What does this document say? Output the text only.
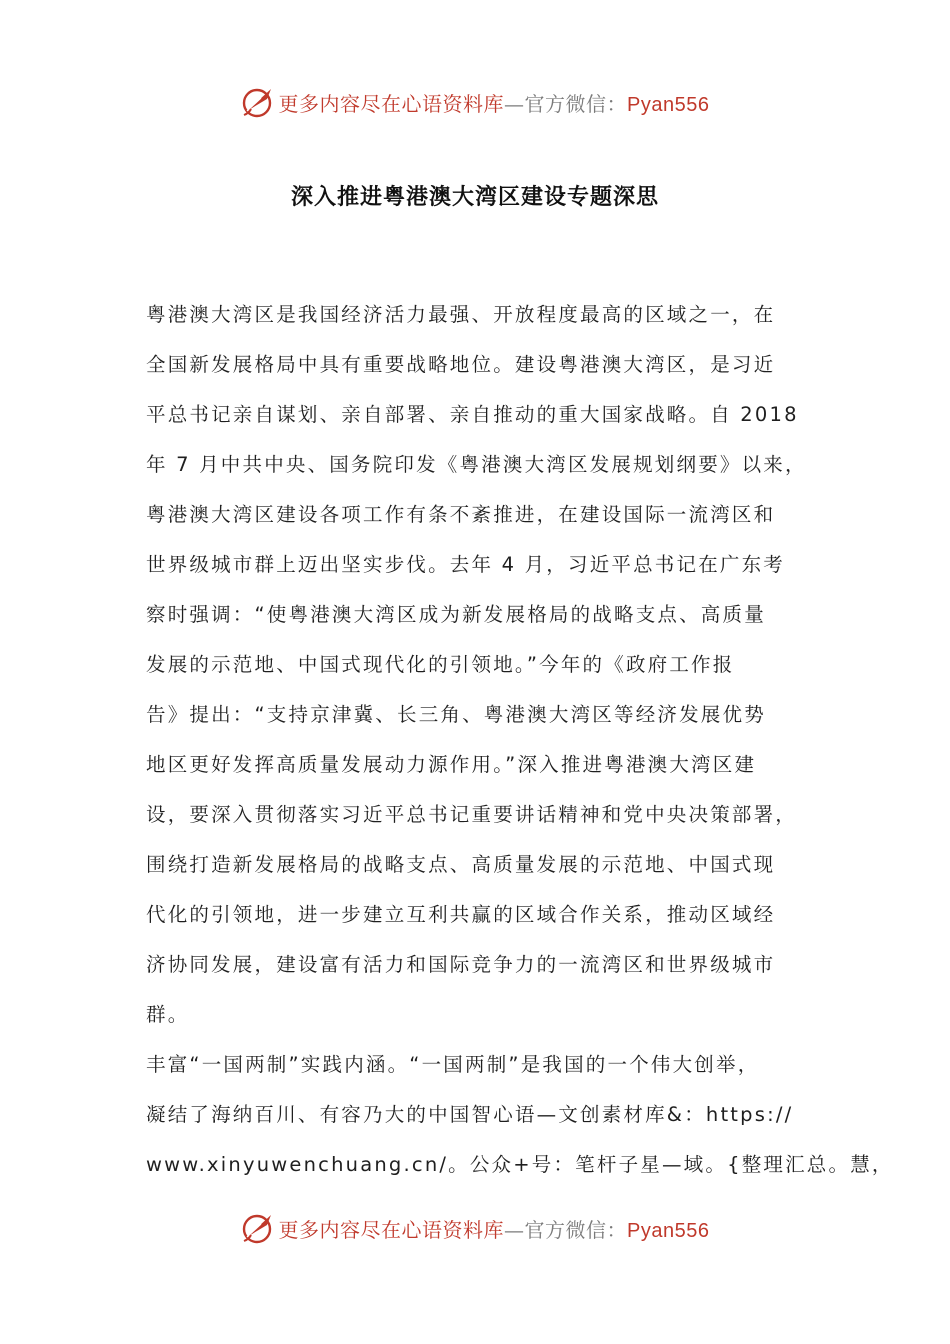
更多内容尽在心语资料库—官方微信：Pyan556
深入推进粤港澳大湾区建设专题深思
粤港澳大湾区是我国经济活力最强、开放程度最高的区域之一，在
全国新发展格局中具有重要战略地位。建设粤港澳大湾区，是习近
平总书记亲自谋划、亲自部署、亲自推动的重大国家战略。自 2018
年 7 月中共中央、国务院印发《粤港澳大湾区发展规划纲要》以来，
粤港澳大湾区建设各项工作有条不紊推进，在建设国际一流湾区和
世界级城市群上迈出坚实步伐。去年 4 月，习近平总书记在广东考
察时强调：“使粤港澳大湾区成为新发展格局的战略支点、高质量
发展的示范地、中国式现代化的引领地。”今年的《政府工作报
告》提出：“支持京津冀、长三角、粤港澳大湾区等经济发展优势
地区更好发挥高质量发展动力源作用。”深入推进粤港澳大湾区建
设，要深入贯彻落实习近平总书记重要讲话精神和党中央决策部署，
围绕打造新发展格局的战略支点、高质量发展的示范地、中国式现
代化的引领地，进一步建立互利共赢的区域合作关系，推动区域经
济协同发展，建设富有活力和国际竞争力的一流湾区和世界级城市
群。
丰富“一国两制”实践内涵。“一国两制”是我国的一个伟大创举，
凝结了海纳百川、有容乃大的中国智心语—文创素材库&：https://
www.xinyuwenchuang.cn/。公众+号：笔杆子星—域。{整理汇总。慧，
更多内容尽在心语资料库—官方微信：Pyan556
